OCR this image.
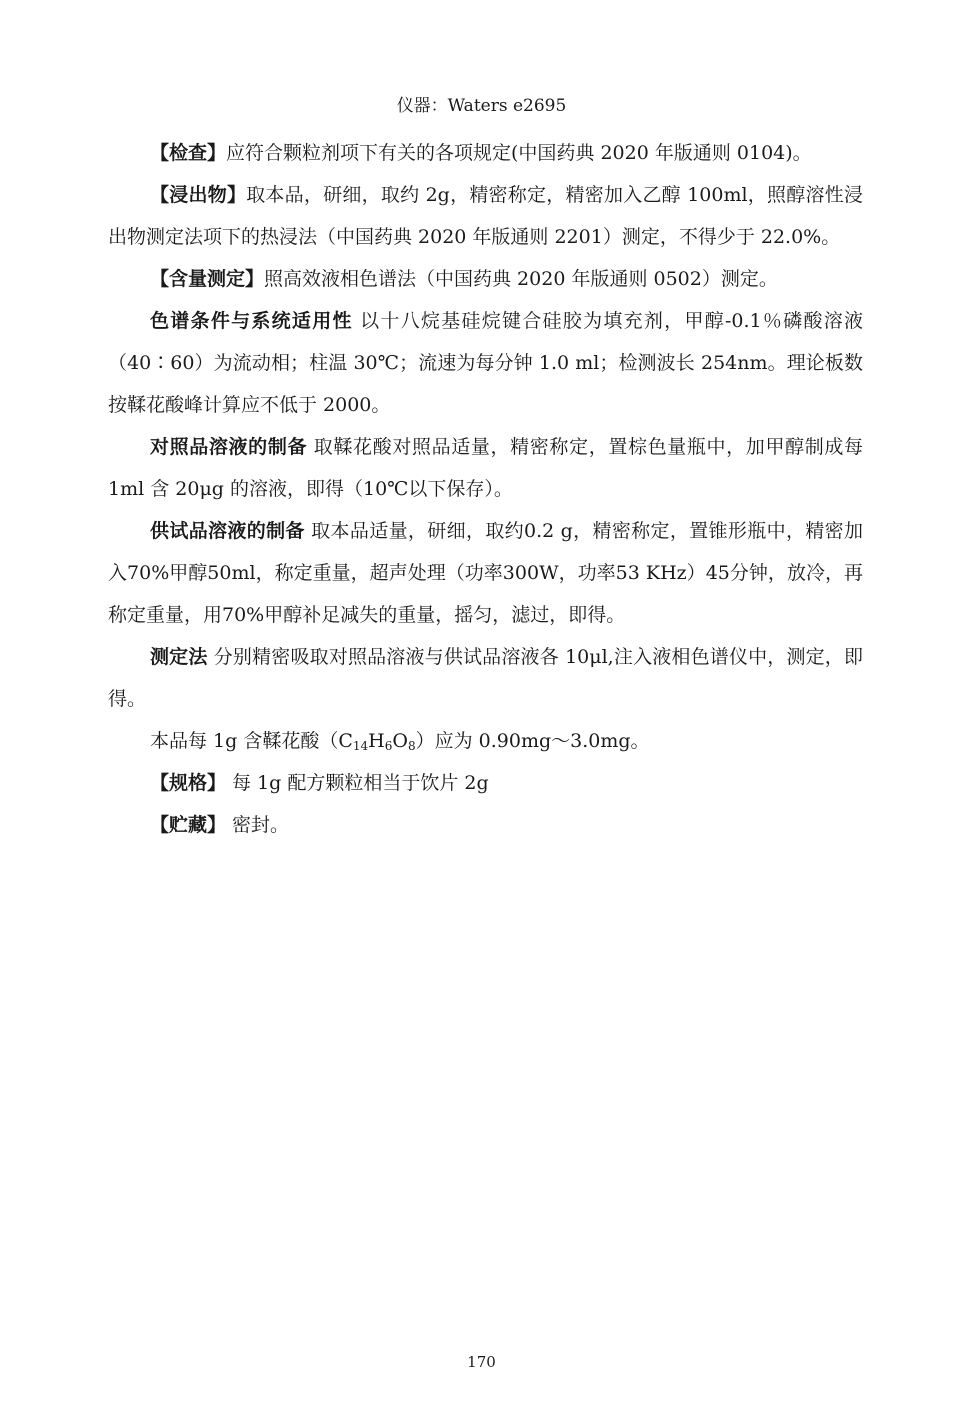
仪器：Waters e2695

【检查】应符合颗粒剂项下有关的各项规定(中国药典 2020 年版通则 0104)。

【浸出物】取本品，研细，取约 2g，精密称定，精密加入乙醇 100ml，照醇溶性浸出物测定法项下的热浸法（中国药典 2020 年版通则 2201）测定，不得少于 22.0%。

【含量测定】照高效液相色谱法（中国药典 2020 年版通则 0502）测定。

色谱条件与系统适用性 以十八烷基硅烷键合硅胶为填充剂，甲醇-0.1％磷酸溶液（40∶60）为流动相；柱温 30℃；流速为每分钟 1.0 ml；检测波长 254nm。理论板数按鞣花酸峰计算应不低于 2000。

对照品溶液的制备 取鞣花酸对照品适量，精密称定，置棕色量瓶中，加甲醇制成每 1ml 含 20μg 的溶液，即得（10℃以下保存）。

供试品溶液的制备 取本品适量，研细，取约0.2 g，精密称定，置锥形瓶中，精密加入70%甲醇50ml，称定重量，超声处理（功率300W，功率53 KHz）45分钟，放冷，再称定重量，用70%甲醇补足减失的重量，摇匀，滤过，即得。

测定法 分别精密吸取对照品溶液与供试品溶液各 10μl,注入液相色谱仪中，测定，即得。

本品每 1g 含鞣花酸$(C_{14}H_6O_8)$应为 0.90mg～3.0mg。

【规格】 每 1g 配方颗粒相当于饮片 2g

【贮藏】 密封。

170
